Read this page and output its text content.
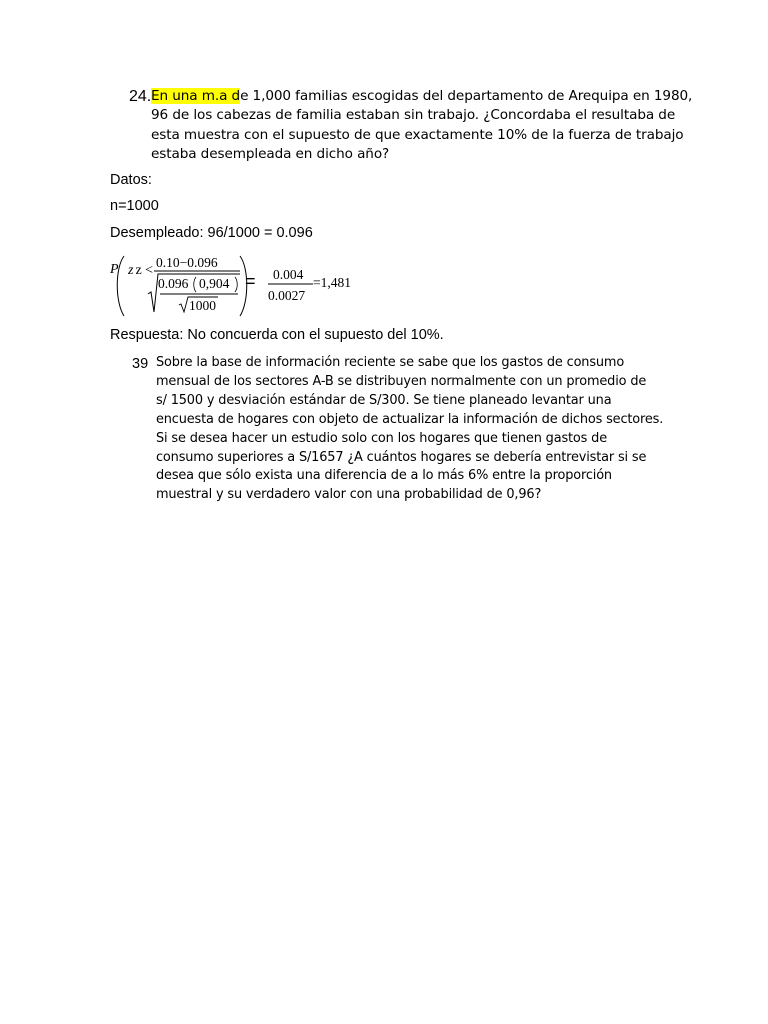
24. En una m.a de 1,000 familias escogidas del departamento de Arequipa en 1980,
96 de los cabezas de familia estaban sin trabajo. ¿Concordaba el resultaba de
esta muestra con el supuesto de que exactamente 10% de la fuerza de trabajo
estaba desempleada en dicho año?
Datos:
n=1000
Desempleado: 96/1000 = 0.096
P z z <
0.10−0.096
0.096 0,904
1000
= 0.004
0.0027
=1,481
Respuesta: No concuerda con el supuesto del 10%.
39 Sobre la base de información reciente se sabe que los gastos de consumo
mensual de los sectores A-B se distribuyen normalmente con un promedio de
s/ 1500 y desviación estándar de S/300. Se tiene planeado levantar una
encuesta de hogares con objeto de actualizar la información de dichos sectores.
Si se desea hacer un estudio solo con los hogares que tienen gastos de
consumo superiores a S/1657 ¿A cuántos hogares se debería entrevistar si se
desea que sólo exista una diferencia de a lo más 6% entre la proporción
muestral y su verdadero valor con una probabilidad de 0,96?
